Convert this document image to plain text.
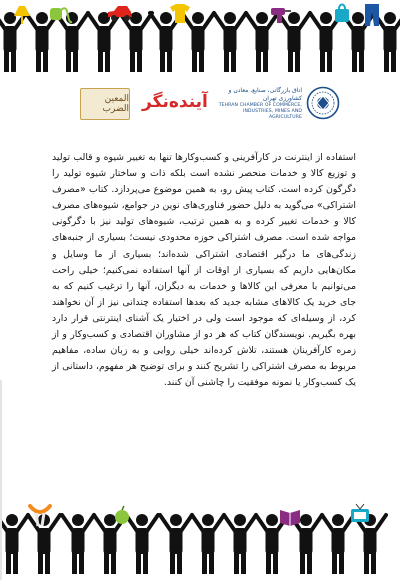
المعين الضرب آینده‌نگر
اتاق بازرگانی، صنایع، معادن و کشاورزی تهران
TEHRAN CHAMBER OF COMMERCE, INDUSTRIES, MINES AND AGRICULTURE
استفاده از اینترنت در کارآفرینی و کسب‌وکارها تنها به تغییر شیوه و قالب تولید و توزیع کالا و خدمات منحصر نشده است بلکه ذات و ساختار شیوه تولید را دگرگون کرده است. کتاب پیش رو، به همین موضوع می‌پردازد. کتاب «مصرف اشتراکی» می‌گوید به دلیل حضور فناوری‌های نوین در جوامع، شیوه‌های مصرف کالا و خدمات تغییر کرده و به همین ترتیب، شیوه‌های تولید نیز با دگرگونی مواجه شده است. مصرف اشتراکی حوزه محدودی نیست؛ بسیاری از جنبه‌های زندگی‌های ما درگیر اقتصادی اشتراکی شده‌اند؛ بسیاری از ما وسایل و مکان‌هایی داریم که بسیاری از اوقات از آنها استفاده نمی‌کنیم؛ خیلی راحت می‌توانیم با معرفی این کالاها و خدمات به دیگران، آنها را ترغیب کنیم که به جای خرید یک کالاهای مشابه جدید که بعدها استفاده چندانی نیز از آن نخواهند کرد، از وسیله‌ای که موجود است ولی در اختیار یک آشنای اینترنتی قرار دارد بهره بگیریم. نویسندگان کتاب که هر دو از مشاوران اقتصادی و کسب‌وکار و از زمره کارآفرینان هستند، تلاش کرده‌اند خیلی روایی و به زبان ساده، مفاهیم مربوط به مصرف اشتراکی را تشریح کنند و برای توضیح هر مفهوم، داستانی از یک کسب‌وکار یا نمونه موفقیت را چاشنی آن کنند.
